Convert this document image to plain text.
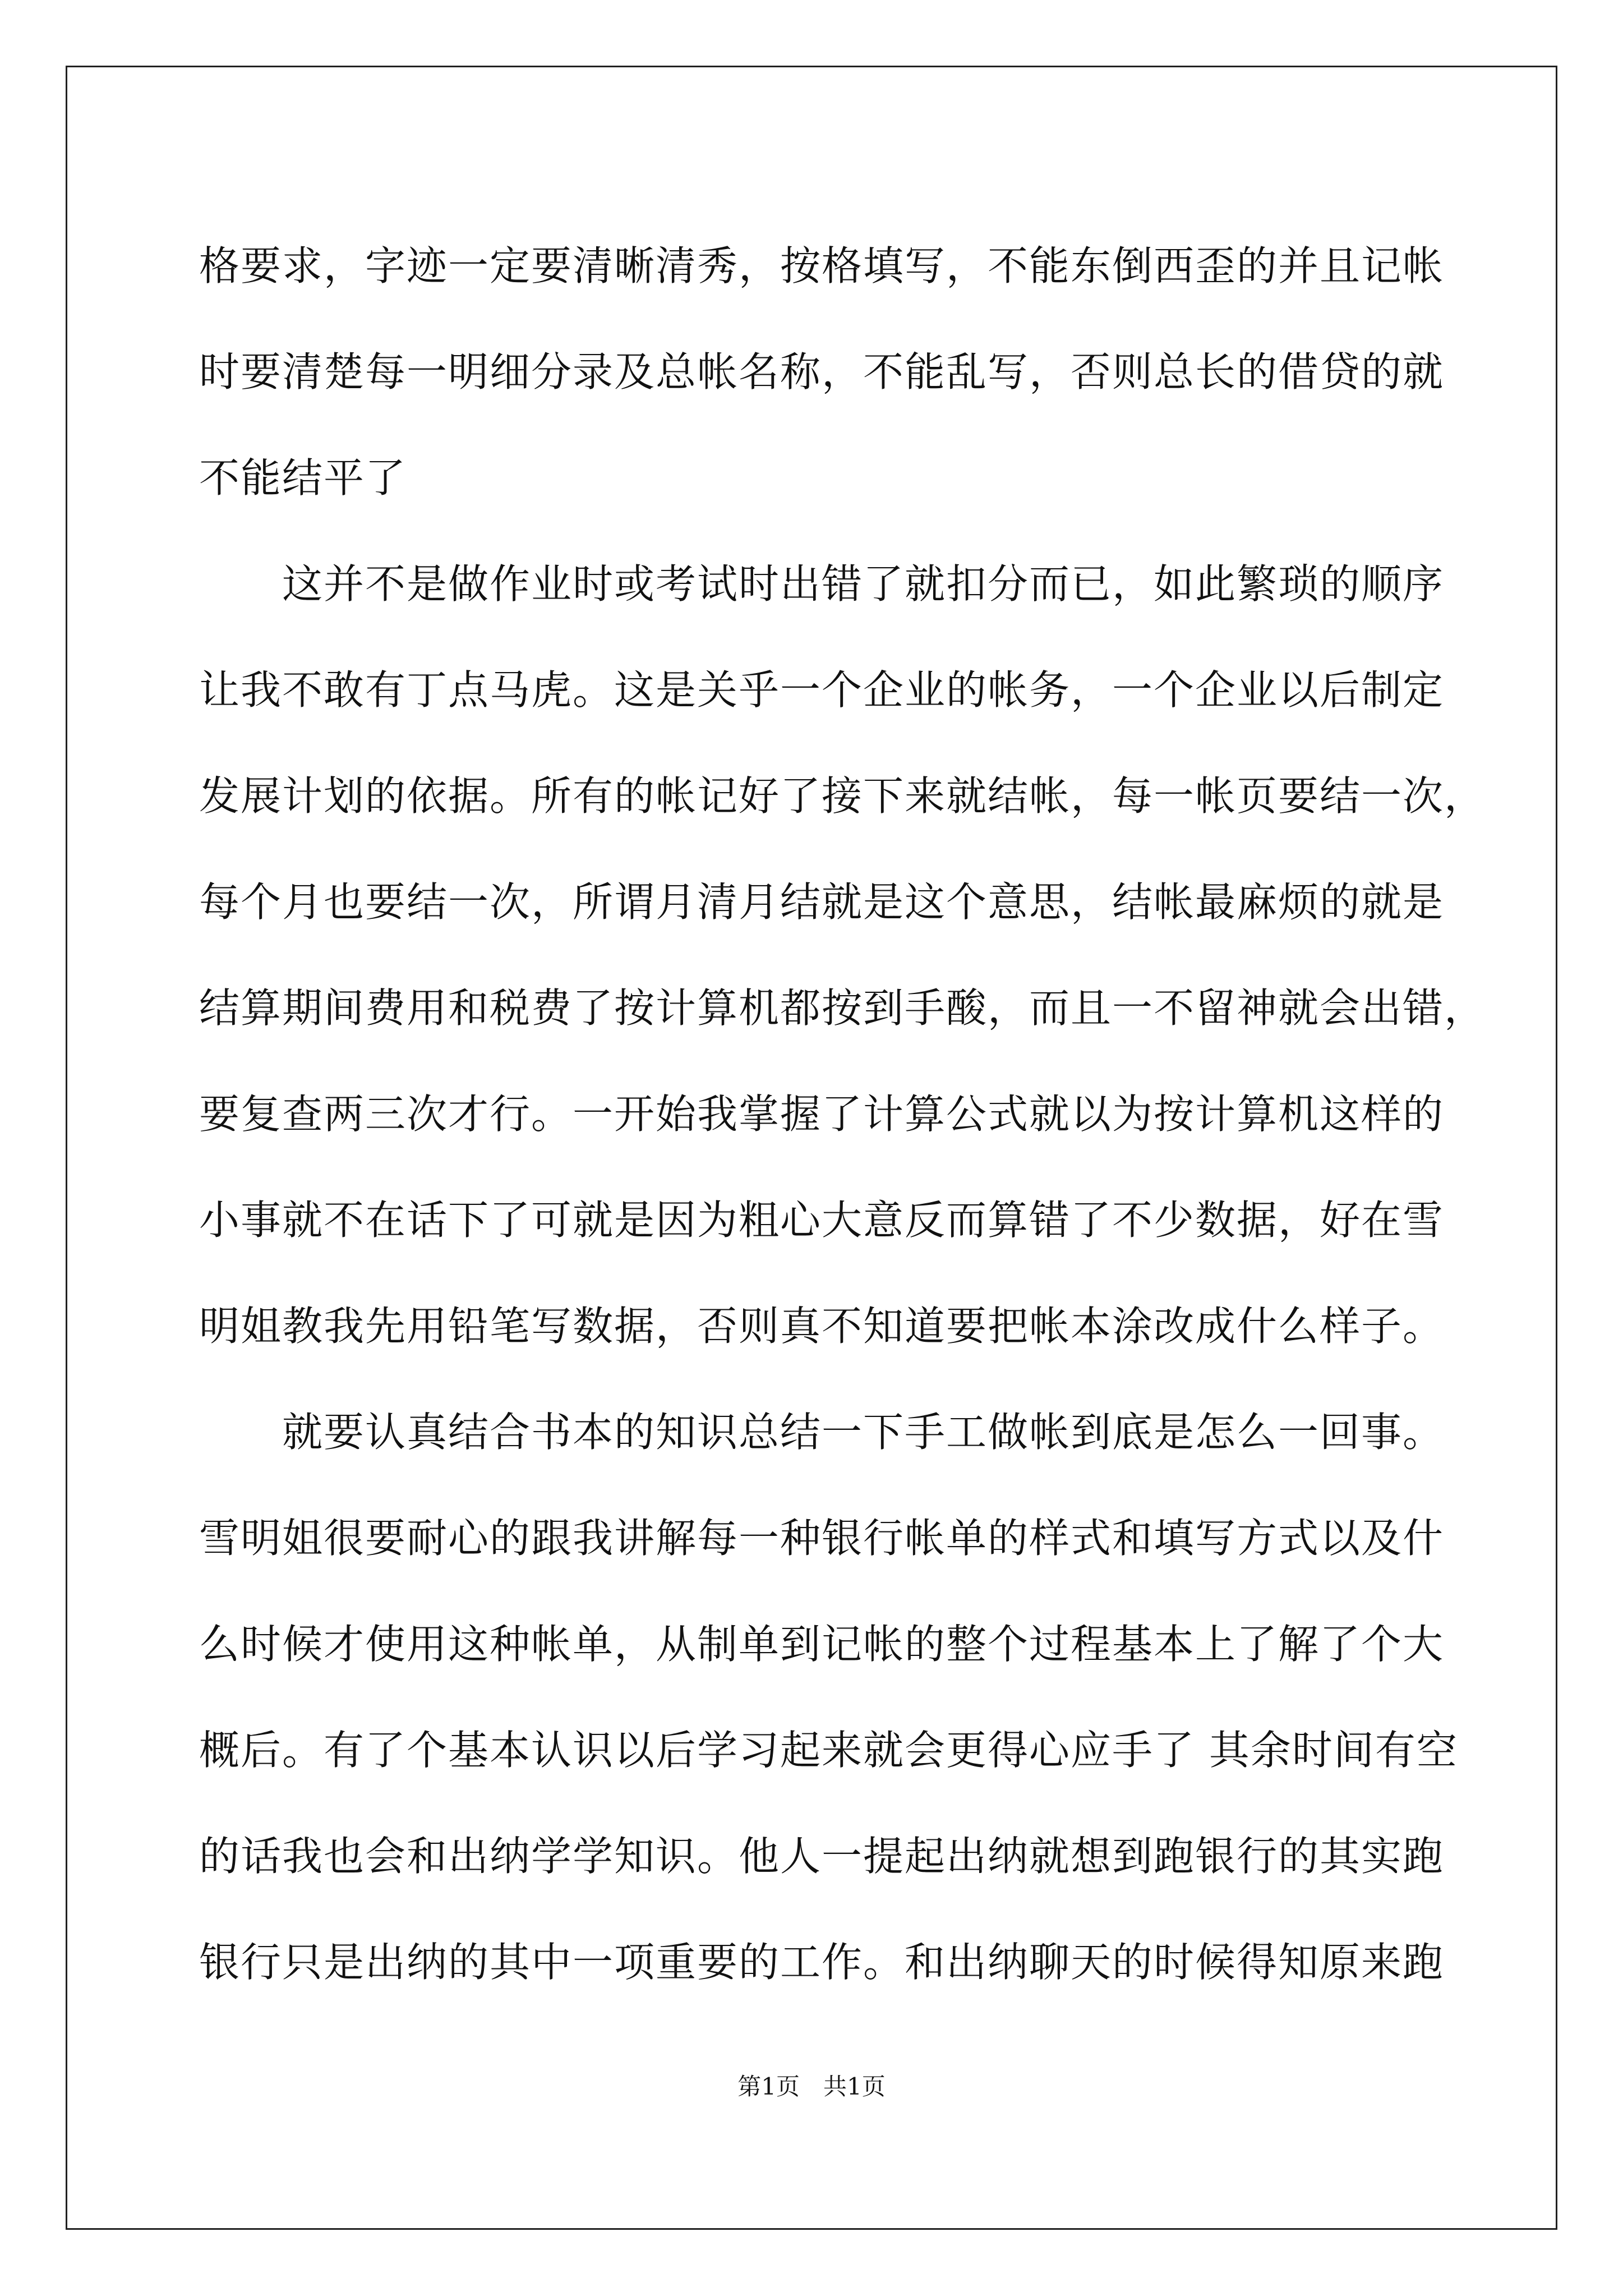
格要求，字迹一定要清晰清秀，按格填写，不能东倒西歪的并且记帐
时要清楚每一明细分录及总帐名称，不能乱写，否则总长的借贷的就
不能结平了
　　这并不是做作业时或考试时出错了就扣分而已，如此繁琐的顺序
让我不敢有丁点马虎。这是关乎一个企业的帐务，一个企业以后制定
发展计划的依据。所有的帐记好了接下来就结帐，每一帐页要结一次，
每个月也要结一次，所谓月清月结就是这个意思，结帐最麻烦的就是
结算期间费用和税费了按计算机都按到手酸，而且一不留神就会出错，
要复查两三次才行。一开始我掌握了计算公式就以为按计算机这样的
小事就不在话下了可就是因为粗心大意反而算错了不少数据，好在雪
明姐教我先用铅笔写数据，否则真不知道要把帐本涂改成什么样子。
　　就要认真结合书本的知识总结一下手工做帐到底是怎么一回事。
雪明姐很要耐心的跟我讲解每一种银行帐单的样式和填写方式以及什
么时候才使用这种帐单，从制单到记帐的整个过程基本上了解了个大
概后。有了个基本认识以后学习起来就会更得心应手了 其余时间有空
的话我也会和出纳学学知识。他人一提起出纳就想到跑银行的其实跑
银行只是出纳的其中一项重要的工作。和出纳聊天的时候得知原来跑
第1页　共1页
